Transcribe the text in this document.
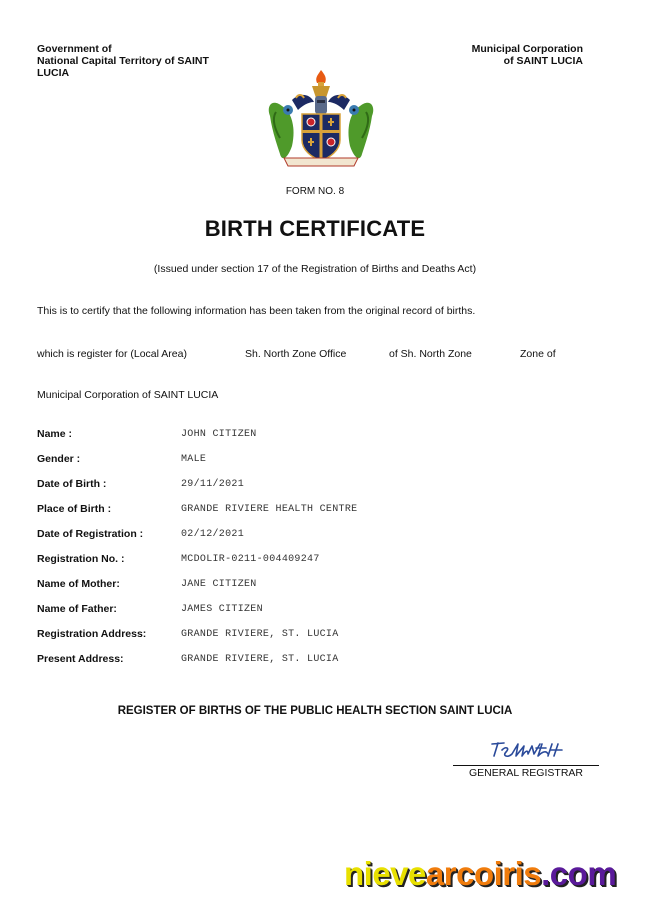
Government of
National Capital Territory of SAINT
LUCIA
Municipal Corporation
of SAINT LUCIA
FORM NO. 8
BIRTH CERTIFICATE
(Issued under section 17 of the Registration of Births and Deaths Act)
This is to certify that the following information has been taken from the original record of births.
which is register for (Local Area)	Sh. North Zone Office	of Sh. North Zone	Zone of
Municipal Corporation of SAINT LUCIA
Name :	JOHN CITIZEN
Gender :	MALE
Date of Birth :	29/11/2021
Place of Birth :	GRANDE RIVIERE HEALTH CENTRE
Date of Registration :	02/12/2021
Registration No. :	MCDOLIR-0211-004409247
Name of Mother:	JANE CITIZEN
Name of Father:	JAMES CITIZEN
Registration Address:	GRANDE RIVIERE, ST. LUCIA
Present Address:	GRANDE RIVIERE, ST. LUCIA
REGISTER OF BIRTHS OF THE PUBLIC HEALTH SECTION SAINT LUCIA
GENERAL REGISTRAR
nievearcoiris.com
